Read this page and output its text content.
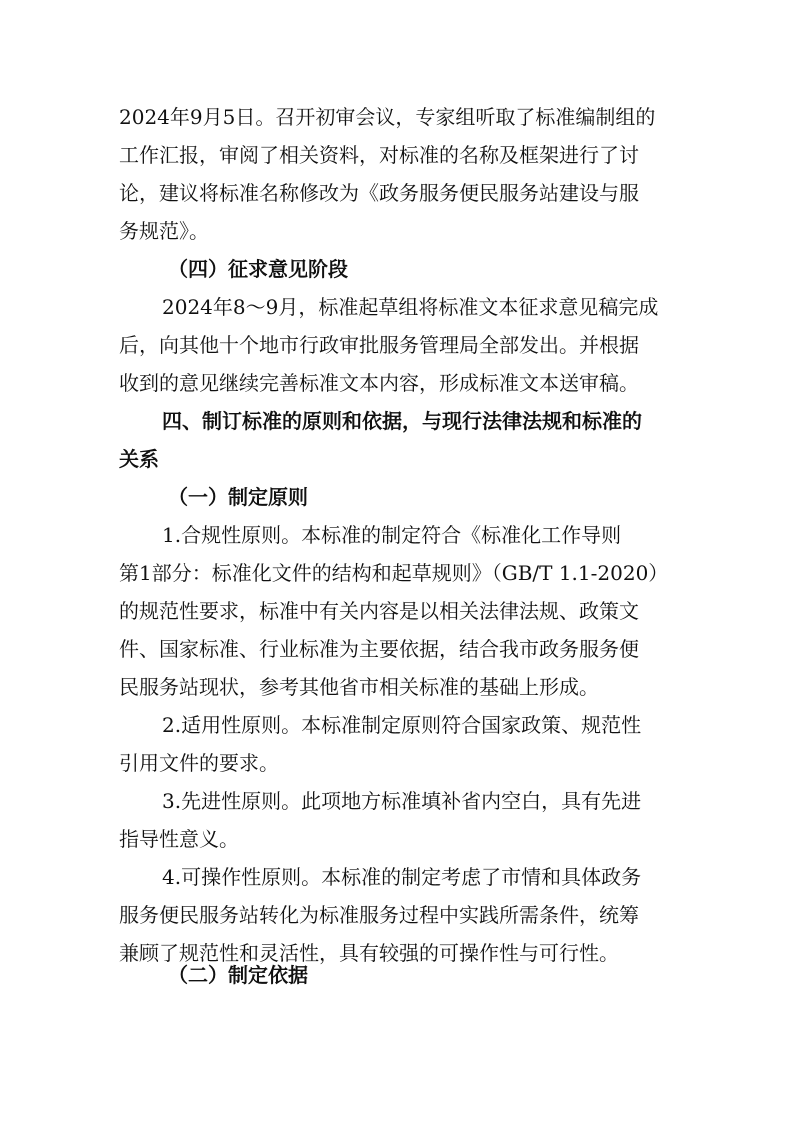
2024年9月5日。召开初审会议，专家组听取了标准编制组的
工作汇报，审阅了相关资料，对标准的名称及框架进行了讨
论，建议将标准名称修改为《政务服务便民服务站建设与服
务规范》。
（四）征求意见阶段
2024年8～9月，标准起草组将标准文本征求意见稿完成
后，向其他十个地市行政审批服务管理局全部发出。并根据
收到的意见继续完善标准文本内容，形成标准文本送审稿。
四、制订标准的原则和依据，与现行法律法规和标准的
关系
（一）制定原则
1.合规性原则。本标准的制定符合《标准化工作导则
第1部分：标准化文件的结构和起草规则》（GB/T 1.1-2020）
的规范性要求，标准中有关内容是以相关法律法规、政策文
件、国家标准、行业标准为主要依据，结合我市政务服务便
民服务站现状，参考其他省市相关标准的基础上形成。
2.适用性原则。本标准制定原则符合国家政策、规范性
引用文件的要求。
3.先进性原则。此项地方标准填补省内空白，具有先进
指导性意义。
4.可操作性原则。本标准的制定考虑了市情和具体政务
服务便民服务站转化为标准服务过程中实践所需条件，统筹
兼顾了规范性和灵活性，具有较强的可操作性与可行性。
（二）制定依据
